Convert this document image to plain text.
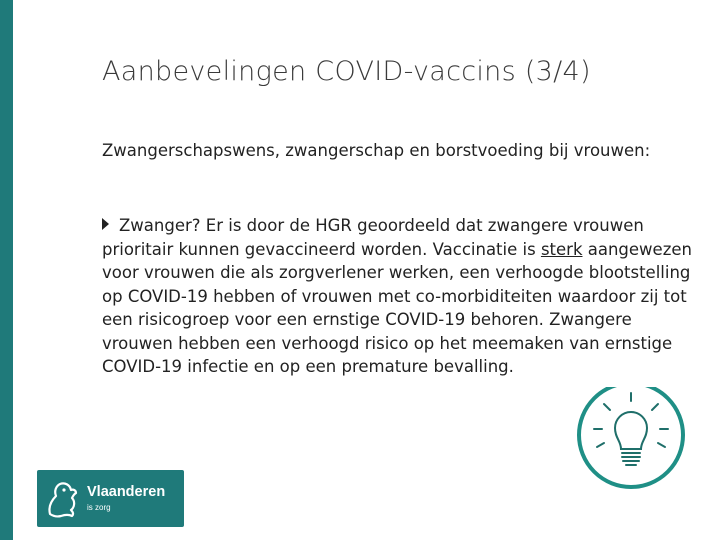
Aanbevelingen COVID-vaccins (3/4)

Zwangerschapswens, zwangerschap en borstvoeding bij vrouwen:

Zwanger? Er is door de HGR geoordeeld dat zwangere vrouwen prioritair kunnen gevaccineerd worden. Vaccinatie is sterk aangewezen voor vrouwen die als zorgverlener werken, een verhoogde blootstelling op COVID-19 hebben of vrouwen met co-morbiditeiten waardoor zij tot een risicogroep voor een ernstige COVID-19 behoren. Zwangere vrouwen hebben een verhoogd risico op het meemaken van ernstige COVID-19 infectie en op een premature bevalling.

Vlaanderen
is zorg
